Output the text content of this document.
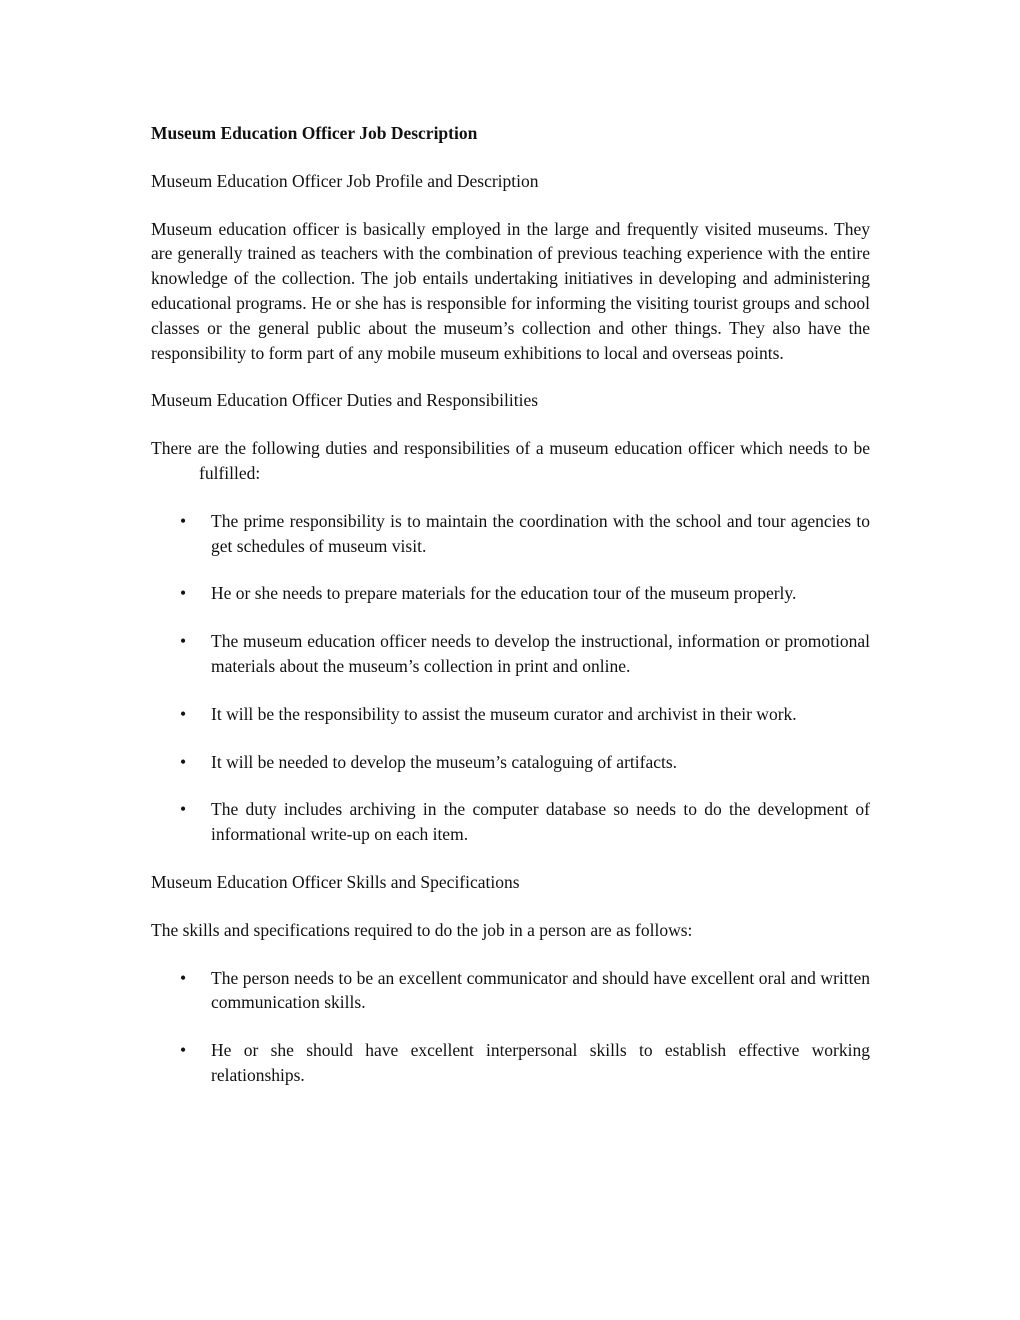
Museum Education Officer Job Description
Museum Education Officer Job Profile and Description
Museum education officer is basically employed in the large and frequently visited museums. They are generally trained as teachers with the combination of previous teaching experience with the entire knowledge of the collection. The job entails undertaking initiatives in developing and administering educational programs. He or she has is responsible for informing the visiting tourist groups and school classes or the general public about the museum’s collection and other things. They also have the responsibility to form part of any mobile museum exhibitions to local and overseas points.
Museum Education Officer Duties and Responsibilities
There are the following duties and responsibilities of a museum education officer which needs to be fulfilled:
• The prime responsibility is to maintain the coordination with the school and tour agencies to get schedules of museum visit.
• He or she needs to prepare materials for the education tour of the museum properly.
• The museum education officer needs to develop the instructional, information or promotional materials about the museum’s collection in print and online.
• It will be the responsibility to assist the museum curator and archivist in their work.
• It will be needed to develop the museum’s cataloguing of artifacts.
• The duty includes archiving in the computer database so needs to do the development of informational write-up on each item.
Museum Education Officer Skills and Specifications
The skills and specifications required to do the job in a person are as follows:
• The person needs to be an excellent communicator and should have excellent oral and written communication skills.
• He or she should have excellent interpersonal skills to establish effective working relationships.
